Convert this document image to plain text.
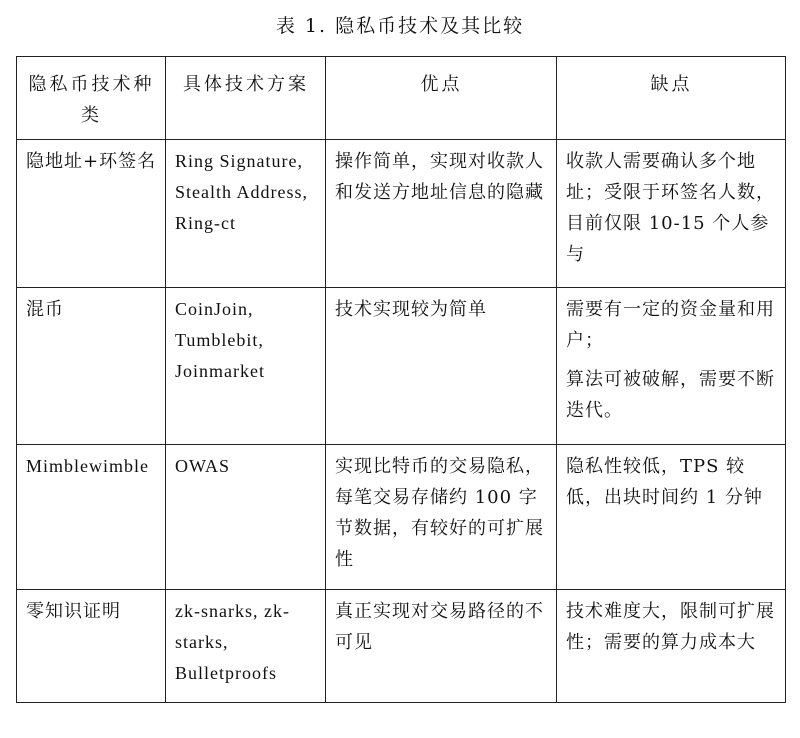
表 1. 隐私币技术及其比较
隐私币技术种类	具体技术方案	优点	缺点
隐地址+环签名	Ring Signature,
Stealth Address,
Ring-ct	操作简单，实现对收款人和发送方地址信息的隐藏	收款人需要确认多个地址；受限于环签名人数，目前仅限 10-15 个人参与

混币	CoinJoin,
Tumblebit,
Joinmarket	技术实现较为简单	需要有一定的资金量和用户；
算法可被破解，需要不断迭代。

Mimblewimble	OWAS	实现比特币的交易隐私，每笔交易存储约 100 字节数据，有较好的可扩展性	隐私性较低，TPS 较低，出块时间约 1 分钟

零知识证明	zk-snarks, zk-
starks,
Bulletproofs	真正实现对交易路径的不可见	技术难度大，限制可扩展性；需要的算力成本大
